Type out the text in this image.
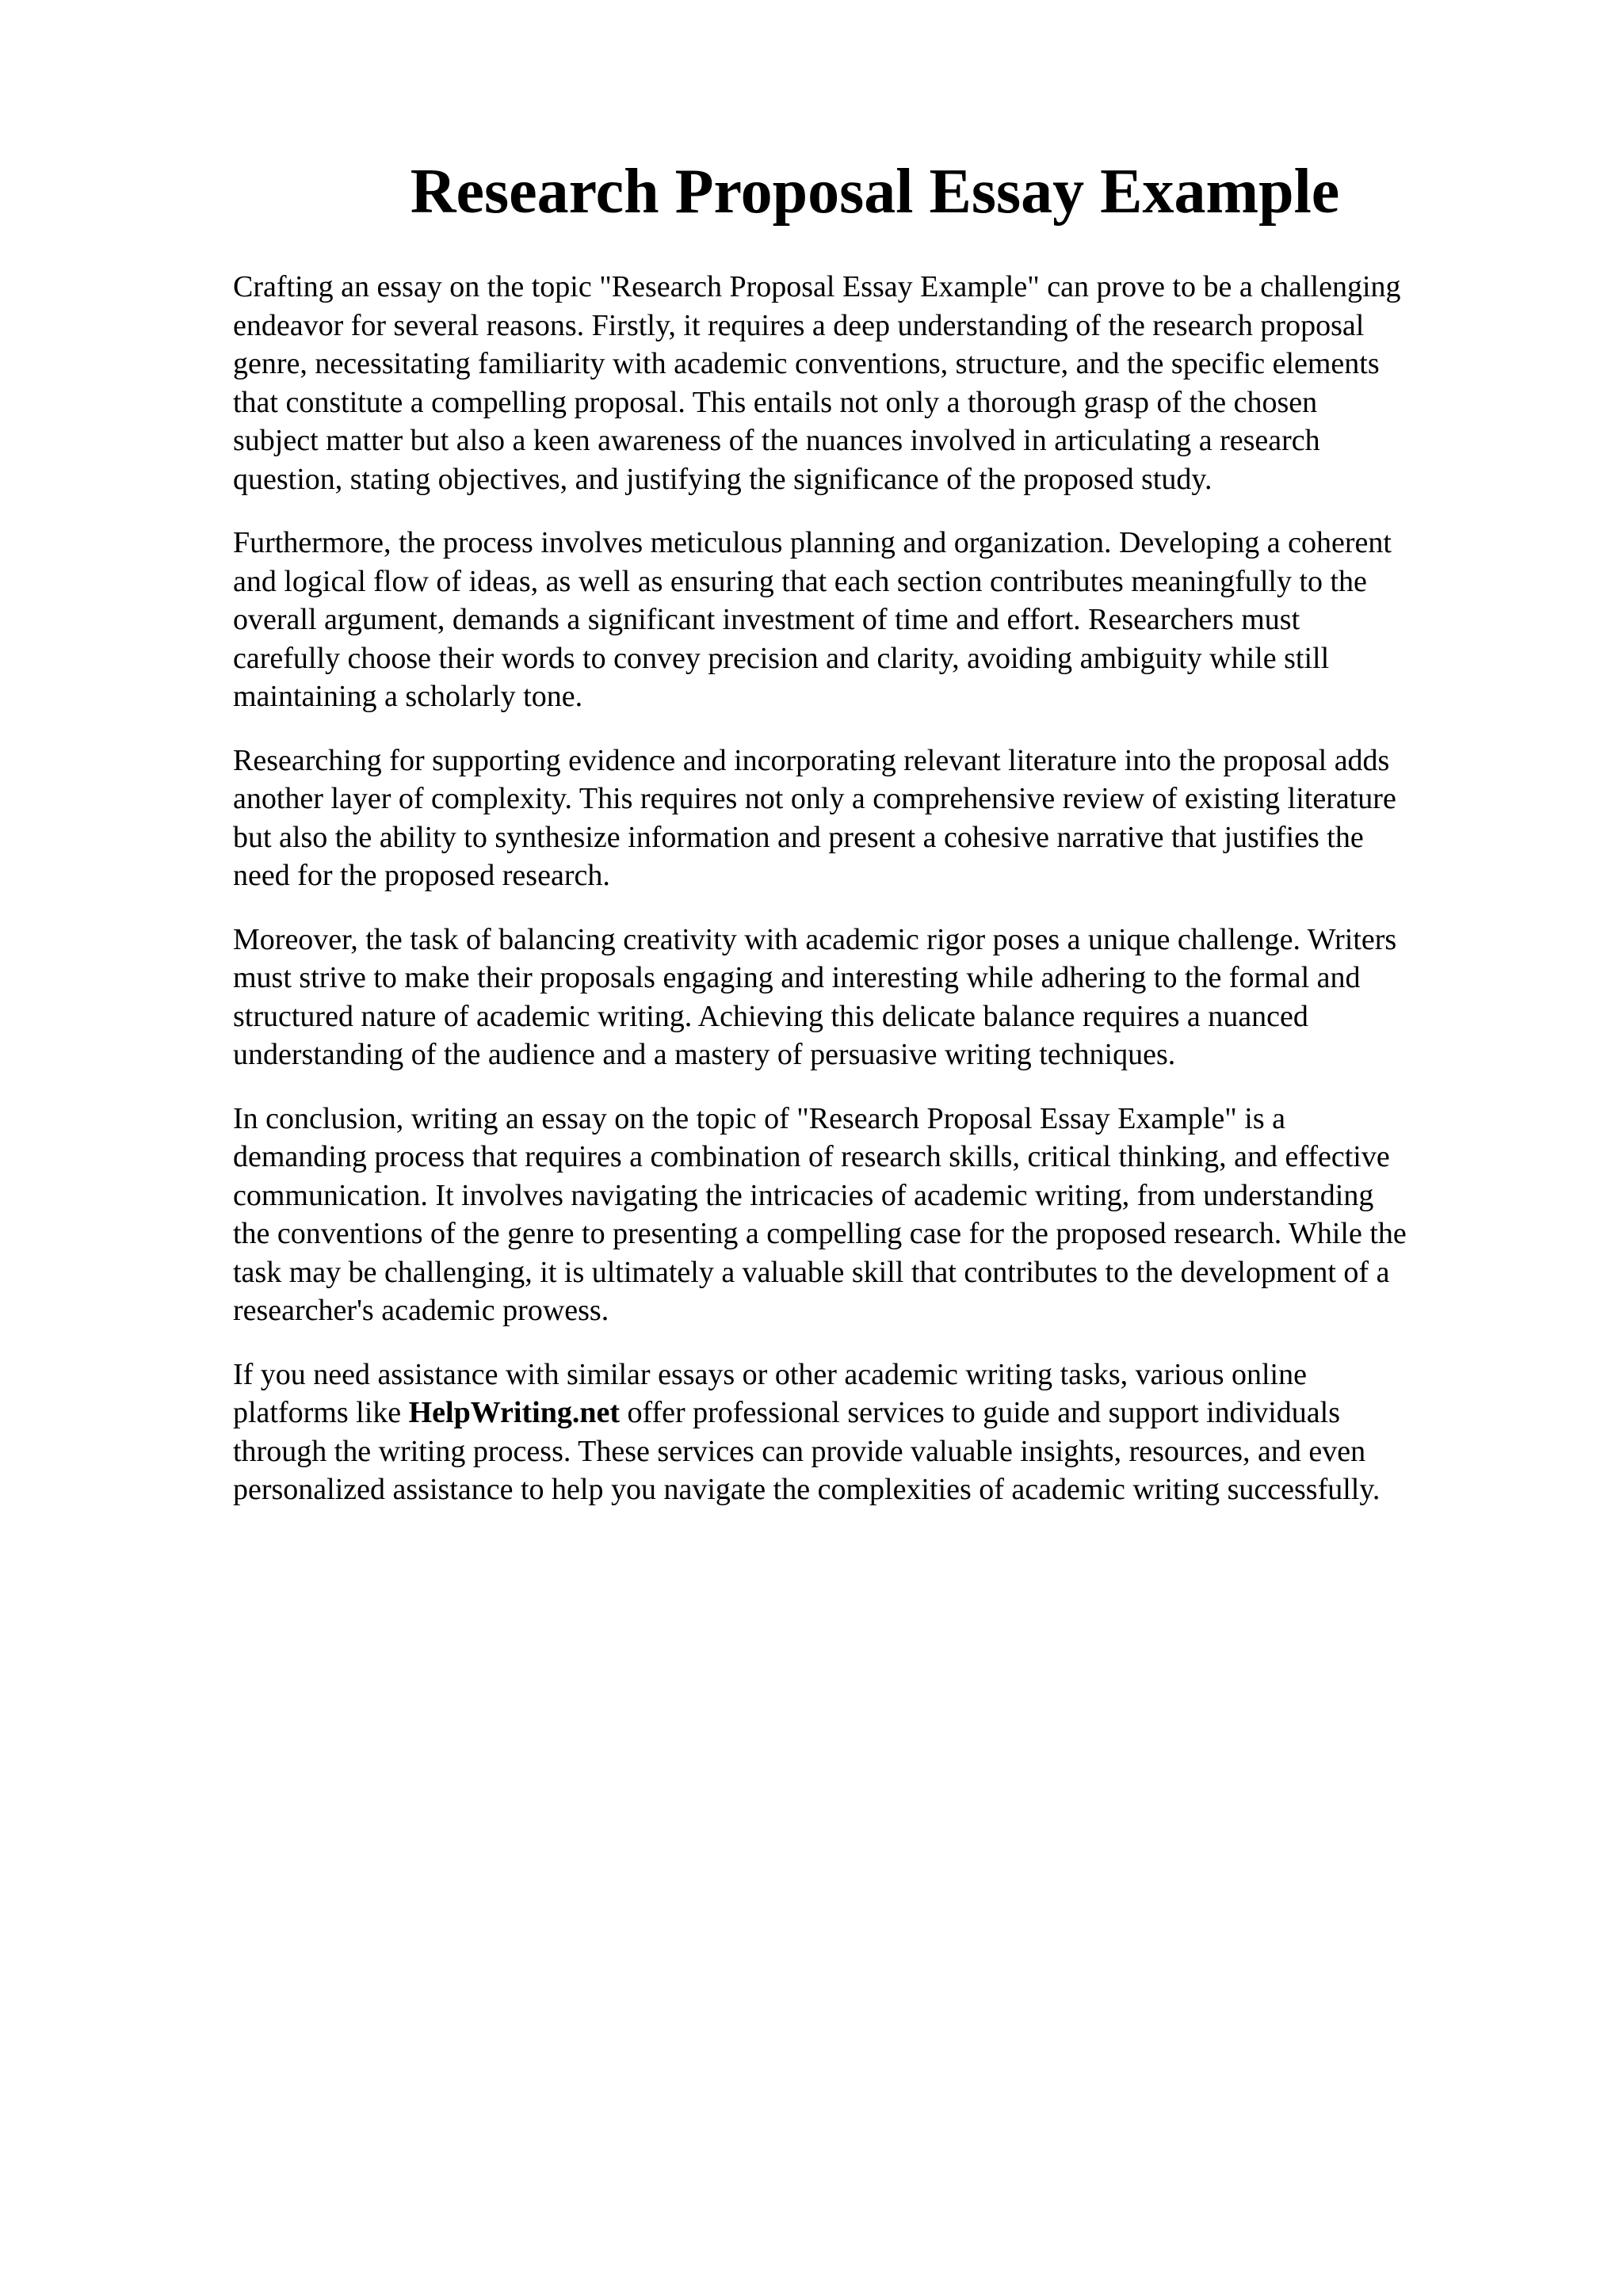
Research Proposal Essay Example

Crafting an essay on the topic "Research Proposal Essay Example" can prove to be a challenging
endeavor for several reasons. Firstly, it requires a deep understanding of the research proposal
genre, necessitating familiarity with academic conventions, structure, and the specific elements
that constitute a compelling proposal. This entails not only a thorough grasp of the chosen
subject matter but also a keen awareness of the nuances involved in articulating a research
question, stating objectives, and justifying the significance of the proposed study.

Furthermore, the process involves meticulous planning and organization. Developing a coherent
and logical flow of ideas, as well as ensuring that each section contributes meaningfully to the
overall argument, demands a significant investment of time and effort. Researchers must
carefully choose their words to convey precision and clarity, avoiding ambiguity while still
maintaining a scholarly tone.

Researching for supporting evidence and incorporating relevant literature into the proposal adds
another layer of complexity. This requires not only a comprehensive review of existing literature
but also the ability to synthesize information and present a cohesive narrative that justifies the
need for the proposed research.

Moreover, the task of balancing creativity with academic rigor poses a unique challenge. Writers
must strive to make their proposals engaging and interesting while adhering to the formal and
structured nature of academic writing. Achieving this delicate balance requires a nuanced
understanding of the audience and a mastery of persuasive writing techniques.

In conclusion, writing an essay on the topic of "Research Proposal Essay Example" is a
demanding process that requires a combination of research skills, critical thinking, and effective
communication. It involves navigating the intricacies of academic writing, from understanding
the conventions of the genre to presenting a compelling case for the proposed research. While the
task may be challenging, it is ultimately a valuable skill that contributes to the development of a
researcher's academic prowess.

If you need assistance with similar essays or other academic writing tasks, various online
platforms like HelpWriting.net offer professional services to guide and support individuals
through the writing process. These services can provide valuable insights, resources, and even
personalized assistance to help you navigate the complexities of academic writing successfully.
